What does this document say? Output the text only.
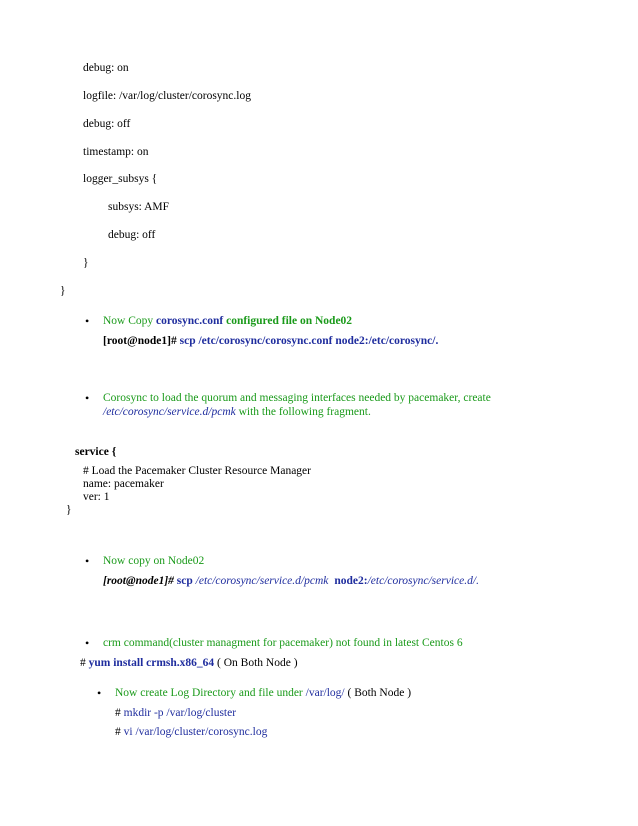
debug: on
logfile: /var/log/cluster/corosync.log
debug: off
timestamp: on
logger_subsys {
subsys: AMF
debug: off
}
}
• Now Copy corosync.conf configured file on Node02
[root@node1]# scp /etc/corosync/corosync.conf node2:/etc/corosync/.
• Corosync to load the quorum and messaging interfaces needed by pacemaker, create
/etc/corosync/service.d/pcmk with the following fragment.
service {
# Load the Pacemaker Cluster Resource Manager
name: pacemaker
ver: 1
}
• Now copy on Node02
[root@node1]# scp /etc/corosync/service.d/pcmk node2:/etc/corosync/service.d/.
• crm command(cluster managment for pacemaker) not found in latest Centos 6
# yum install crmsh.x86_64 ( On Both Node )
• Now create Log Directory and file under /var/log/ ( Both Node )
# mkdir -p /var/log/cluster
# vi /var/log/cluster/corosync.log
